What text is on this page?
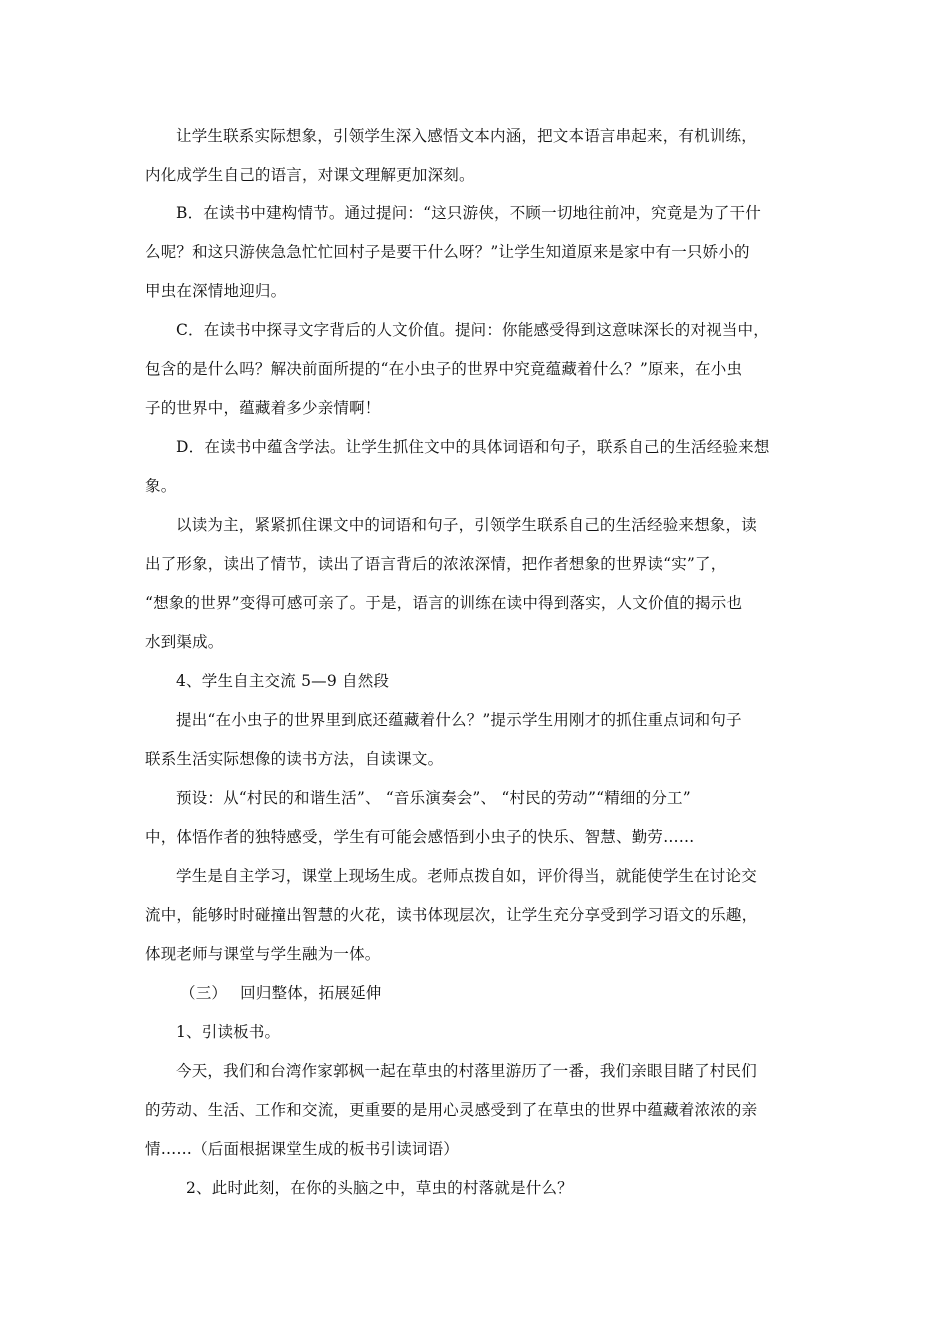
让学生联系实际想象，引领学生深入感悟文本内涵，把文本语言串起来，有机训练，
内化成学生自己的语言，对课文理解更加深刻。
B．在读书中建构情节。通过提问：“这只游侠，不顾一切地往前冲，究竟是为了干什
么呢？和这只游侠急急忙忙回村子是要干什么呀？”让学生知道原来是家中有一只娇小的
甲虫在深情地迎归。
C．在读书中探寻文字背后的人文价值。提问：你能感受得到这意味深长的对视当中，
包含的是什么吗？解决前面所提的“在小虫子的世界中究竟蕴藏着什么？”原来，在小虫
子的世界中，蕴藏着多少亲情啊！
D．在读书中蕴含学法。让学生抓住文中的具体词语和句子，联系自己的生活经验来想
象。
以读为主，紧紧抓住课文中的词语和句子，引领学生联系自己的生活经验来想象，读
出了形象，读出了情节，读出了语言背后的浓浓深情，把作者想象的世界读“实”了，
“想象的世界”变得可感可亲了。于是，语言的训练在读中得到落实，人文价值的揭示也
水到渠成。
4、学生自主交流 5—9 自然段
提出“在小虫子的世界里到底还蕴藏着什么？”提示学生用刚才的抓住重点词和句子
联系生活实际想像的读书方法，自读课文。
预设：从“村民的和谐生活”、 “音乐演奏会”、 “村民的劳动”“精细的分工”
中，体悟作者的独特感受，学生有可能会感悟到小虫子的快乐、智慧、勤劳……
学生是自主学习，课堂上现场生成。老师点拨自如，评价得当，就能使学生在讨论交
流中，能够时时碰撞出智慧的火花，读书体现层次，让学生充分享受到学习语文的乐趣，
体现老师与课堂与学生融为一体。
（三）　 回归整体，拓展延伸
1、引读板书。
今天，我们和台湾作家郭枫一起在草虫的村落里游历了一番，我们亲眼目睹了村民们
的劳动、生活、工作和交流，更重要的是用心灵感受到了在草虫的世界中蕴藏着浓浓的亲
情……（后面根据课堂生成的板书引读词语）
2、此时此刻，在你的头脑之中，草虫的村落就是什么？
